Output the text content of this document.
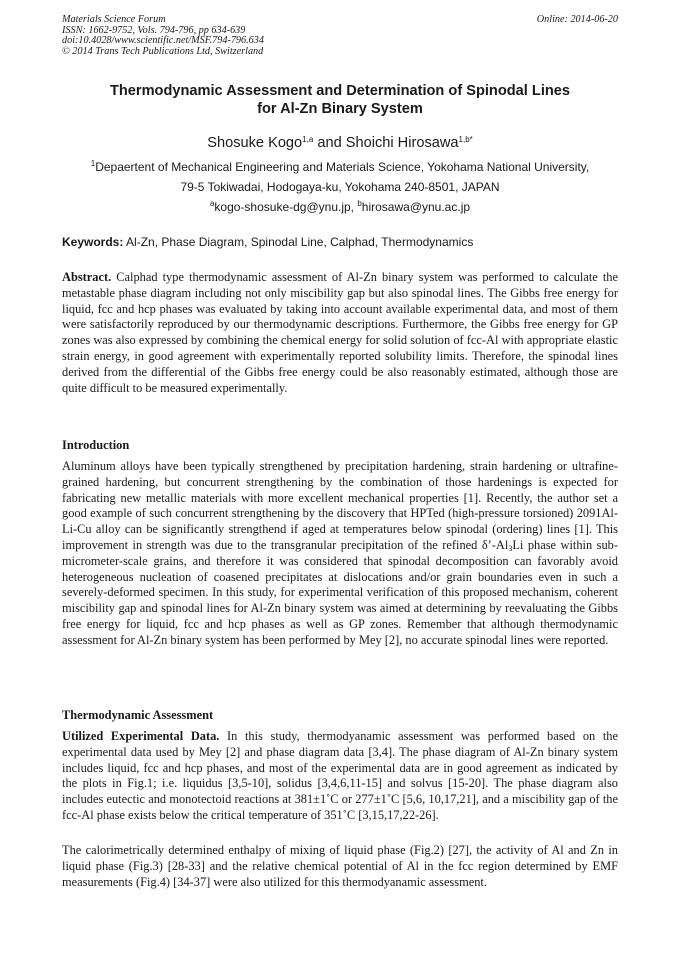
Materials Science Forum
ISSN: 1662-9752, Vols. 794-796, pp 634-639
doi:10.4028/www.scientific.net/MSF.794-796.634
© 2014 Trans Tech Publications Ltd, Switzerland
Online: 2014-06-20
Thermodynamic Assessment and Determination of Spinodal Lines
for Al-Zn Binary System
Shosuke Kogo$^{1,a}$ and Shoichi Hirosawa$^{1,b*}$
$^1$Depaertent of Mechanical Engineering and Materials Science, Yokohama National University,
79-5 Tokiwadai, Hodogaya-ku, Yokohama 240-8501, JAPAN
$^a$kogo-shosuke-dg@ynu.jp, $^b$hirosawa@ynu.ac.jp
Keywords: Al-Zn, Phase Diagram, Spinodal Line, Calphad, Thermodynamics

Abstract. Calphad type thermodynamic assessment of Al-Zn binary system was performed to calculate the metastable phase diagram including not only miscibility gap but also spinodal lines. The Gibbs free energy for liquid, fcc and hcp phases was evaluated by taking into account available experimental data, and most of them were satisfactorily reproduced by our thermodynamic descriptions. Furthermore, the Gibbs free energy for GP zones was also expressed by combining the chemical energy for solid solution of fcc-Al with appropriate elastic strain energy, in good agreement with experimentally reported solubility limits. Therefore, the spinodal lines derived from the differential of the Gibbs free energy could be also reasonably estimated, although those are quite difficult to be measured experimentally.

Introduction

Aluminum alloys have been typically strengthened by precipitation hardening, strain hardening or ultrafine-grained hardening, but concurrent strengthening by the combination of those hardenings is expected for fabricating new metallic materials with more excellent mechanical properties [1]. Recently, the author set a good example of such concurrent strengthening by the discovery that HPTed (high-pressure torsioned) 2091Al-Li-Cu alloy can be significantly strengthend if aged at temperatures below spinodal (ordering) lines [1]. This improvement in strength was due to the transgranular precipitation of the refined $\delta’-Al_3Li$ phase within sub-micrometer-scale grains, and therefore it was considered that spinodal decomposition can favorably avoid heterogeneous nucleation of coasened precipitates at dislocations and/or grain boundaries even in such a severely-deformed specimen. In this study, for experimental verification of this proposed mechanism, coherent miscibility gap and spinodal lines for Al-Zn binary system was aimed at determining by reevaluating the Gibbs free energy for liquid, fcc and hcp phases as well as GP zones. Remember that although thermodynamic assessment for Al-Zn binary system has been performed by Mey [2], no accurate spinodal lines were reported.

Thermodynamic Assessment

Utilized Experimental Data. In this study, thermodyanamic assessment was performed based on the experimental data used by Mey [2] and phase diagram data [3,4]. The phase diagram of Al-Zn binary system includes liquid, fcc and hcp phases, and most of the experimental data are in good agreement as indicated by the plots in Fig.1; i.e. liquidus [3,5-10], solidus [3,4,6,11-15] and solvus [15-20]. The phase diagram also includes eutectic and monotectoid reactions at 381±1˚C or 277±1˚C [5,6, 10,17,21], and a miscibility gap of the fcc-Al phase exists below the critical temperature of 351˚C [3,15,17,22-26].

The calorimetrically determined enthalpy of mixing of liquid phase (Fig.2) [27], the activity of Al and Zn in liquid phase (Fig.3) [28-33] and the relative chemical potential of Al in the fcc region determined by EMF measurements (Fig.4) [34-37] were also utilized for this thermodyanamic assessment.
